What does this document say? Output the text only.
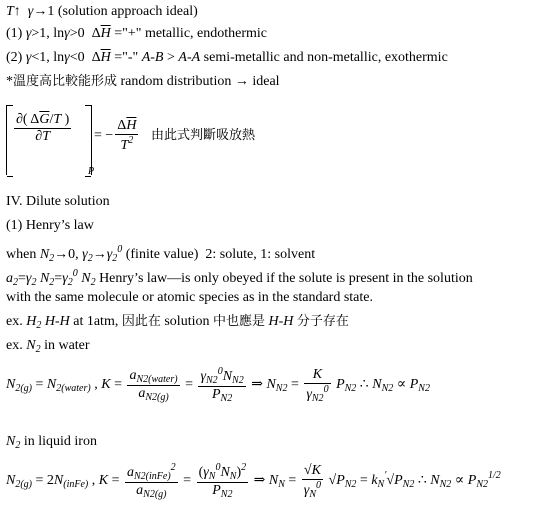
T↑  γ→1 (solution approach ideal)
(1) γ>1, lnγ>0  $\Delta\overline{H}$ ="+" metallic, endothermic
(2) γ<1, lnγ<0  $\Delta\overline{H}$ ="-" A-B > A-A semi-metallic and non-metallic, exothermic
*溫度高比較能形成 random distribution → ideal
$\frac{\partial( \Delta\overline{G}/T )}{\partial T}$
P
= − $\frac{\Delta\overline{H}}{T^2}$ 由此式判斷吸放熱
IV. Dilute solution
(1) Henry’s law
when $N_2\to 0$, $\gamma_2\to\gamma_2^0$ (finite value)  2: solute, 1: solvent
$a_2=\gamma_2$ $N_2=\gamma_2^0$ $N_2$ Henry’s law—is only obeyed if the solute is present in the solution
with the same molecule or atomic species as in the standard state.
ex. $H_2$ H-H at 1atm, 因此在 solution 中也應是 H-H 分子存在
ex. $N_2$ in water
$N_{2(g)} = N_{2(water)}$ , $K = \frac{a_{N2(water)}}{a_{N2(g)}} = \frac{\gamma_{N2}^0N_{N2}}{P_{N2}}$ ⇒ $N_{N2} = \frac{K}{\gamma_{N2}^0} P_{N2}$ ∴ $N_{N2} \propto P_{N2}$
$N_2$ in liquid iron
$N_{2(g)} = 2N_{(inFe)}$ , $K = \frac{a_{N2(inFe)}^2}{a_{N2(g)}} = \frac{(\gamma_N^0N_N)^2}{P_{N2}}$ ⇒ $N_N = \frac{√K}{\gamma_N^0} √P_{N2} = k_N'√P_{N2}$ ∴ $N_{N2} \propto P_{N2}^{1/2}$
